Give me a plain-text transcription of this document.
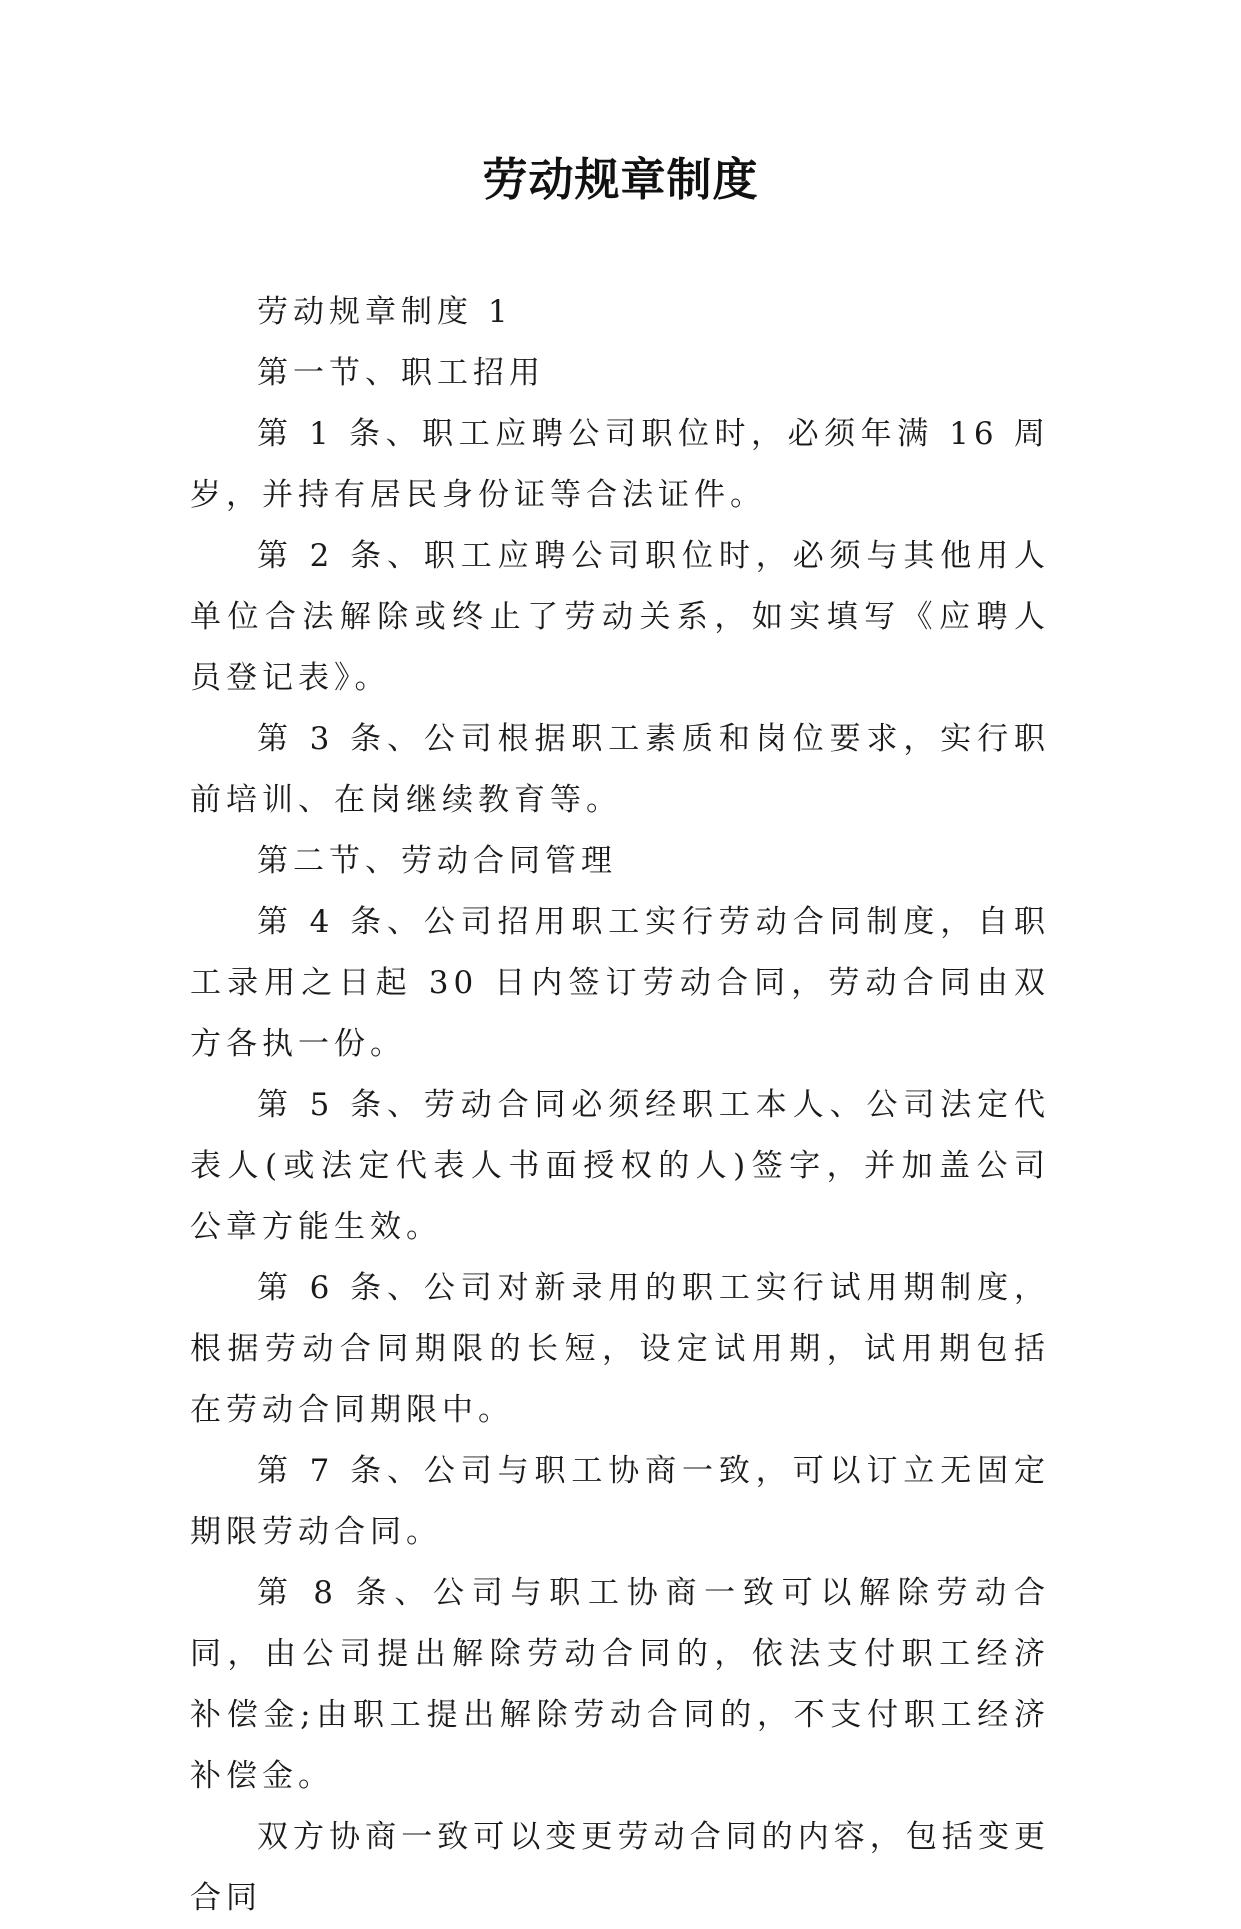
劳动规章制度

劳动规章制度 1

第一节、职工招用

第 1 条、职工应聘公司职位时，必须年满 16 周岁，并持有居民身份证等合法证件。

第 2 条、职工应聘公司职位时，必须与其他用人单位合法解除或终止了劳动关系，如实填写《应聘人员登记表》。

第 3 条、公司根据职工素质和岗位要求，实行职前培训、在岗继续教育等。

第二节、劳动合同管理

第 4 条、公司招用职工实行劳动合同制度，自职工录用之日起 30 日内签订劳动合同，劳动合同由双方各执一份。

第 5 条、劳动合同必须经职工本人、公司法定代表人(或法定代表人书面授权的人)签字，并加盖公司公章方能生效。

第 6 条、公司对新录用的职工实行试用期制度，根据劳动合同期限的长短，设定试用期，试用期包括在劳动合同期限中。

第 7 条、公司与职工协商一致，可以订立无固定期限劳动合同。

第 8 条、公司与职工协商一致可以解除劳动合同，由公司提出解除劳动合同的，依法支付职工经济补偿金;由职工提出解除劳动合同的，不支付职工经济补偿金。

双方协商一致可以变更劳动合同的内容，包括变更合同
